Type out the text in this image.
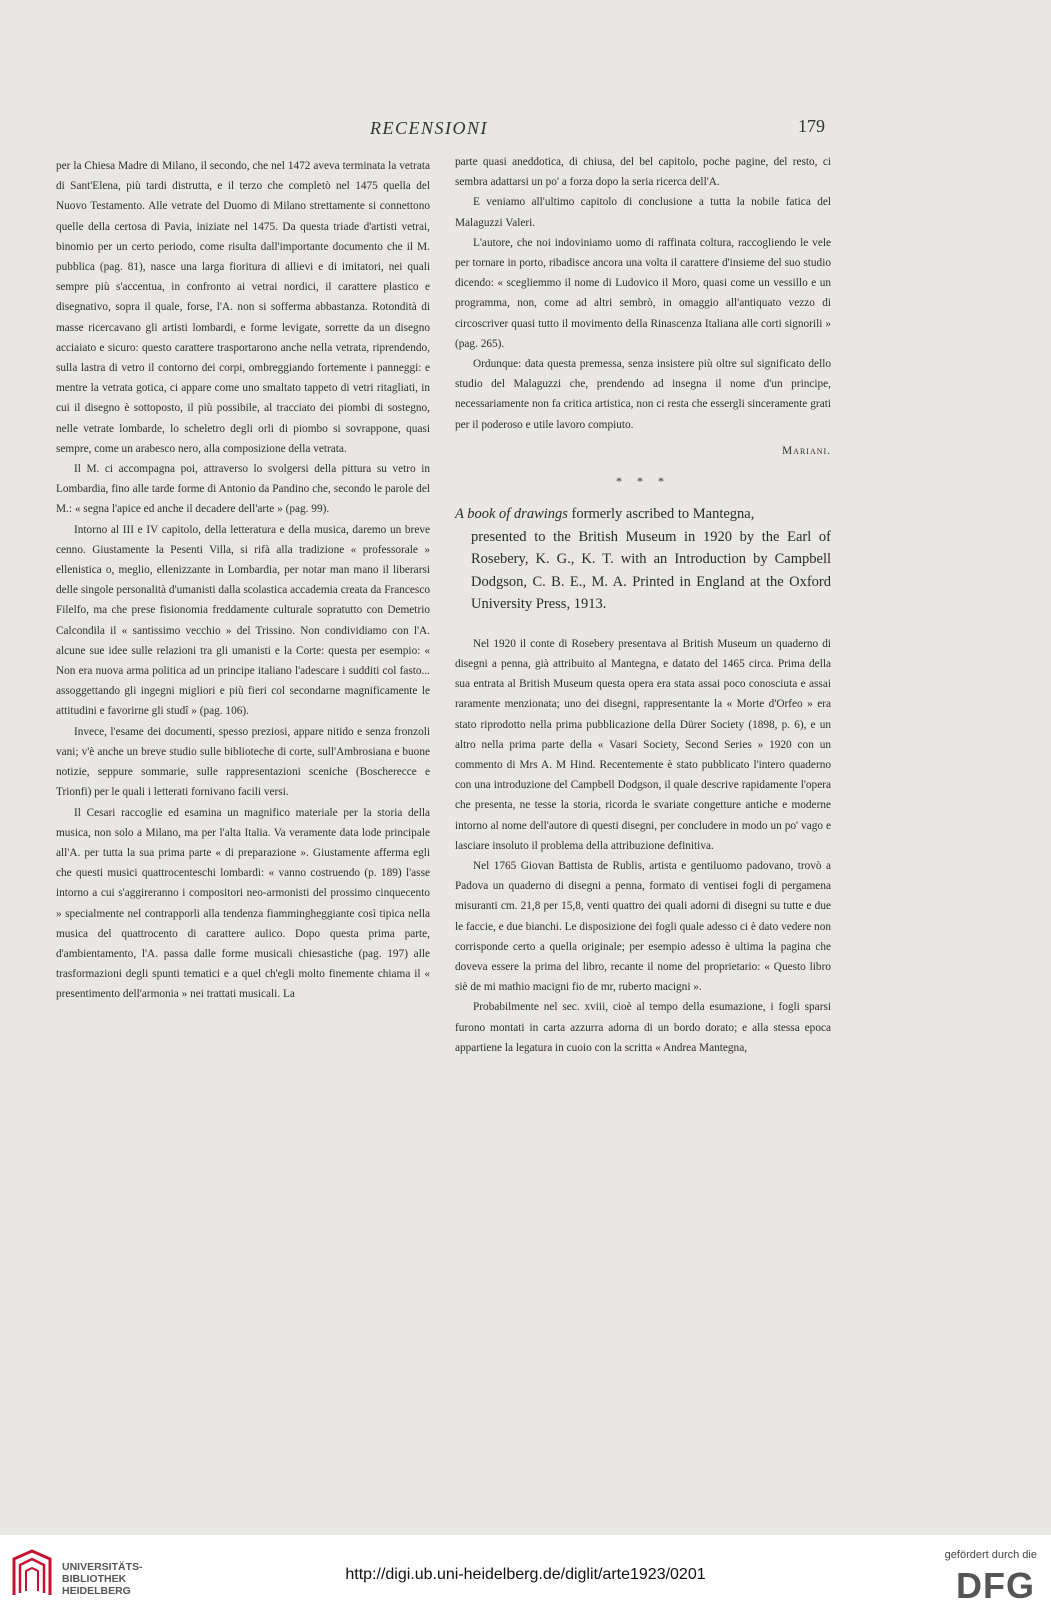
RECENSIONI	179

per la Chiesa Madre di Milano, il secondo, che nel 1472 aveva terminata la vetrata di Sant'Elena, più tardi distrutta, e il terzo che completò nel 1475 quella del Nuovo Testamento. Alle vetrate del Duomo di Milano strettamente si connettono quelle della certosa di Pavia, iniziate nel 1475. Da questa triade d'artisti vetrai, binomio per un certo periodo, come risulta dall'importante documento che il M. pubblica (pag. 81), nasce una larga fioritura di allievi e di imitatori, nei quali sempre più s'accentua, in confronto ai vetrai nordici, il carattere plastico e disegnativo, sopra il quale, forse, l'A. non si sofferma abbastanza. Rotondità di masse ricercavano gli artisti lombardi, e forme levigate, sorrette da un disegno acciaiato e sicuro: questo carattere trasportarono anche nella vetrata, riprendendo, sulla lastra di vetro il contorno dei corpi, ombreggiando fortemente i panneggi: e mentre la vetrata gotica, ci appare come uno smaltato tappeto di vetri ritagliati, in cui il disegno è sottoposto, il più possibile, al tracciato dei piombi di sostegno, nelle vetrate lombarde, lo scheletro degli orli di piombo si sovrappone, quasi sempre, come un arabesco nero, alla composizione della vetrata.

Il M. ci accompagna poi, attraverso lo svolgersi della pittura su vetro in Lombardia, fino alle tarde forme di Antonio da Pandino che, secondo le parole del M.: « segna l'apice ed anche il decadere dell'arte » (pag. 99).

Intorno al III e IV capitolo, della letteratura e della musica, daremo un breve cenno. Giustamente la Pesenti Villa, si rifà alla tradizione « professorale » ellenistica o, meglio, ellenizzante in Lombardia, per notar man mano il liberarsi delle singole personalità d'umanisti dalla scolastica accademia creata da Francesco Filelfo, ma che prese fisionomia freddamente culturale sopratutto con Demetrio Calcondila il « santissimo vecchio » del Trissino. Non condividiamo con l'A. alcune sue idee sulle relazioni tra gli umanisti e la Corte: questa per esempio: « Non era nuova arma politica ad un principe italiano l'adescare i sudditi col fasto... assoggettando gli ingegni migliori e più fieri col secondarne magnificamente le attitudini e favorirne gli studî » (pag. 106).

Invece, l'esame dei documenti, spesso preziosi, appare nitido e senza fronzoli vani; v'è anche un breve studio sulle biblioteche di corte, sull'Ambrosiana e buone notizie, seppure sommarie, sulle rappresentazioni sceniche (Boscherecce e Trionfi) per le quali i letterati fornivano facili versi.

Il Cesari raccoglie ed esamina un magnifico materiale per la storia della musica, non solo a Milano, ma per l'alta Italia. Va veramente data lode principale all'A. per tutta la sua prima parte « di preparazione ». Giustamente afferma egli che questi musici quattrocenteschi lombardi: « vanno costruendo (p. 189) l'asse intorno a cui s'aggireranno i compositori neo-armonisti del prossimo cinquecento » specialmente nel contrapporli alla tendenza fiammingheggiante così tipica nella musica del quattrocento di carattere aulico. Dopo questa prima parte, d'ambientamento, l'A. passa dalle forme musicali chiesastiche (pag. 197) alle trasformazioni degli spunti tematici e a quel ch'egli molto finemente chiama il « presentimento dell'armonia » nei trattati musicali. La

parte quasi aneddotica, di chiusa, del bel capitolo, poche pagine, del resto, ci sembra adattarsi un po' a forza dopo la seria ricerca dell'A.

E veniamo all'ultimo capitolo di conclusione a tutta la nobile fatica del Malaguzzi Valeri.

L'autore, che noi indoviniamo uomo di raffinata coltura, raccogliendo le vele per tornare in porto, ribadisce ancora una volta il carattere d'insieme del suo studio dicendo: « scegliemmo il nome di Ludovico il Moro, quasi come un vessillo e un programma, non, come ad altri sembrò, in omaggio all'antiquato vezzo di circoscriver quasi tutto il movimento della Rinascenza Italiana alle corti signorili » (pag. 265).

Ordunque: data questa premessa, senza insistere più oltre sul significato dello studio del Malaguzzi che, prendendo ad insegna il nome d'un principe, necessariamente non fa critica artistica, non ci resta che essergli sinceramente grati per il poderoso e utile lavoro compiuto.

Mariani.
* * *
A book of drawings formerly ascribed to Mantegna,
presented to the British Museum in 1920 by the Earl of Rosebery, K. G., K. T. with an Introduction by Campbell Dodgson, C. B. E., M. A. Printed in England at the Oxford University Press, 1913.

Nel 1920 il conte di Rosebery presentava al British Museum un quaderno di disegni a penna, già attribuito al Mantegna, e datato del 1465 circa. Prima della sua entrata al British Museum questa opera era stata assai poco conosciuta e assai raramente menzionata; uno dei disegni, rappresentante la « Morte d'Orfeo » era stato riprodotto nella prima pubblicazione della Dürer Society (1898, p. 6), e un altro nella prima parte della « Vasari Society, Second Series » 1920 con un commento di Mrs A. M Hind. Recentemente è stato pubblicato l'intero quaderno con una introduzione del Campbell Dodgson, il quale descrive rapidamente l'opera che presenta, ne tesse la storia, ricorda le svariate congetture antiche e moderne intorno al nome dell'autore di questi disegni, per concludere in modo un po' vago e lasciare insoluto il problema della attribuzione definitiva.

Nel 1765 Giovan Battista de Rublis, artista e gentiluomo padovano, trovò a Padova un quaderno di disegni a penna, formato di ventisei fogli di pergamena misuranti cm. 21,8 per 15,8, venti quattro dei quali adorni di disegni su tutte e due le faccie, e due bianchi. Le disposizione dei fogli quale adesso ci è dato vedere non corrisponde certo a quella originale; per esempio adesso è ultima la pagina che doveva essere la prima del libro, recante il nome del proprietario: « Questo libro siè de mi mathio macigni fio de mr, ruberto macigni ».

Probabilmente nel sec. xviii, cioè al tempo della esumazione, i fogli sparsi furono montati in carta azzurra adorna di un bordo dorato; e alla stessa epoca appartiene la legatura in cuoio con la scritta « Andrea Mantegna,

UNIVERSITÄTS-
BIBLIOTHEK
HEIDELBERG
http://digi.ub.uni-heidelberg.de/diglit/arte1923/0201
gefördert durch die
DFG
